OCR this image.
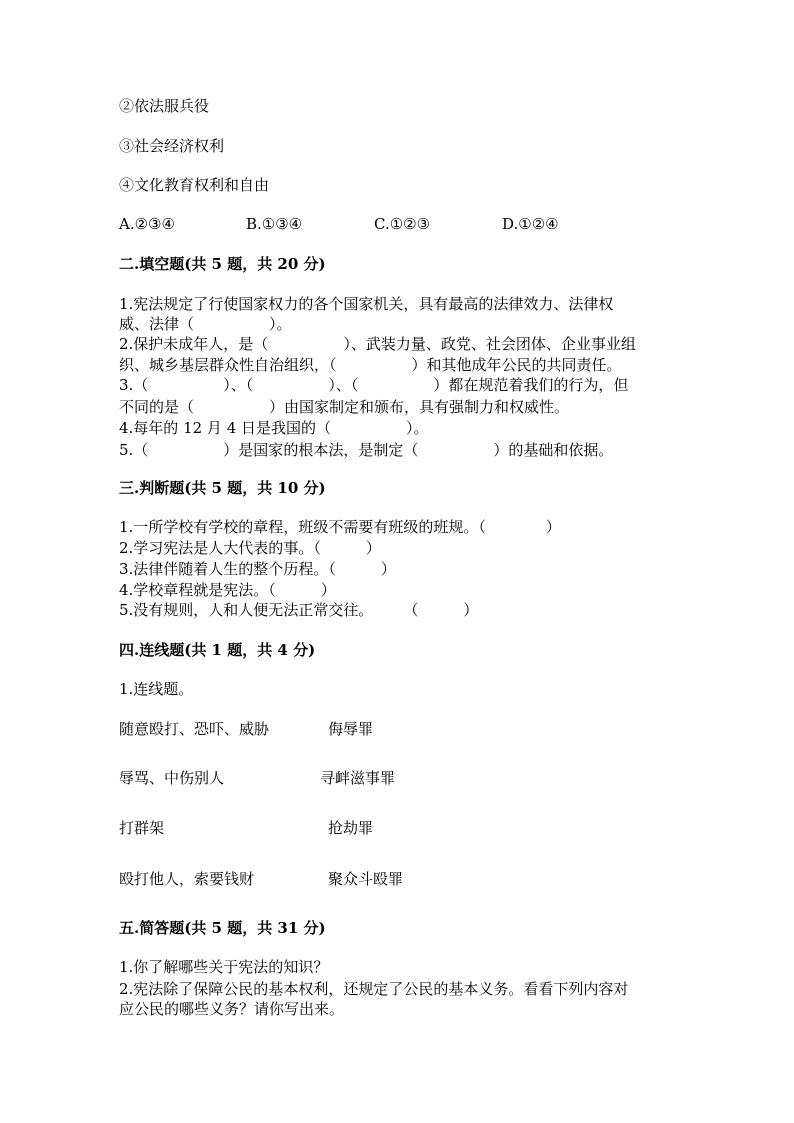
②依法服兵役
③社会经济权利
④文化教育权利和自由
A.②③④	B.①③④	C.①②③	D.①②④
二.填空题(共 5 题，共 20 分)
1.宪法规定了行使国家权力的各个国家机关，具有最高的法律效力、法律权
威、法律（　　　　　）。
2.保护未成年人，是（　　　　　）、武装力量、政党、社会团体、企业事业组
织、城乡基层群众性自治组织，（　　　　　）和其他成年公民的共同责任。
3.（　　　　　）、（　　　　　）、（　　　　　）都在规范着我们的行为，但
不同的是（　　　　　）由国家制定和颁布，具有强制力和权威性。
4.每年的 12 月 4 日是我国的（　　　　　）。
5.（　　　　　）是国家的根本法，是制定（　　　　　）的基础和依据。
三.判断题(共 5 题，共 10 分)
1.一所学校有学校的章程，班级不需要有班级的班规。（　　　　）
2.学习宪法是人大代表的事。（　　　）
3.法律伴随着人生的整个历程。（　　　）
4.学校章程就是宪法。（　　　）
5.没有规则，人和人便无法正常交往。　　　（　　　）
四.连线题(共 1 题，共 4 分)
1.连线题。
随意殴打、恐吓、威胁	侮辱罪
辱骂、中伤别人	寻衅滋事罪
打群架	抢劫罪
殴打他人，索要钱财	聚众斗殴罪
五.简答题(共 5 题，共 31 分)
1.你了解哪些关于宪法的知识？
2.宪法除了保障公民的基本权利，还规定了公民的基本义务。看看下列内容对
应公民的哪些义务？请你写出来。
